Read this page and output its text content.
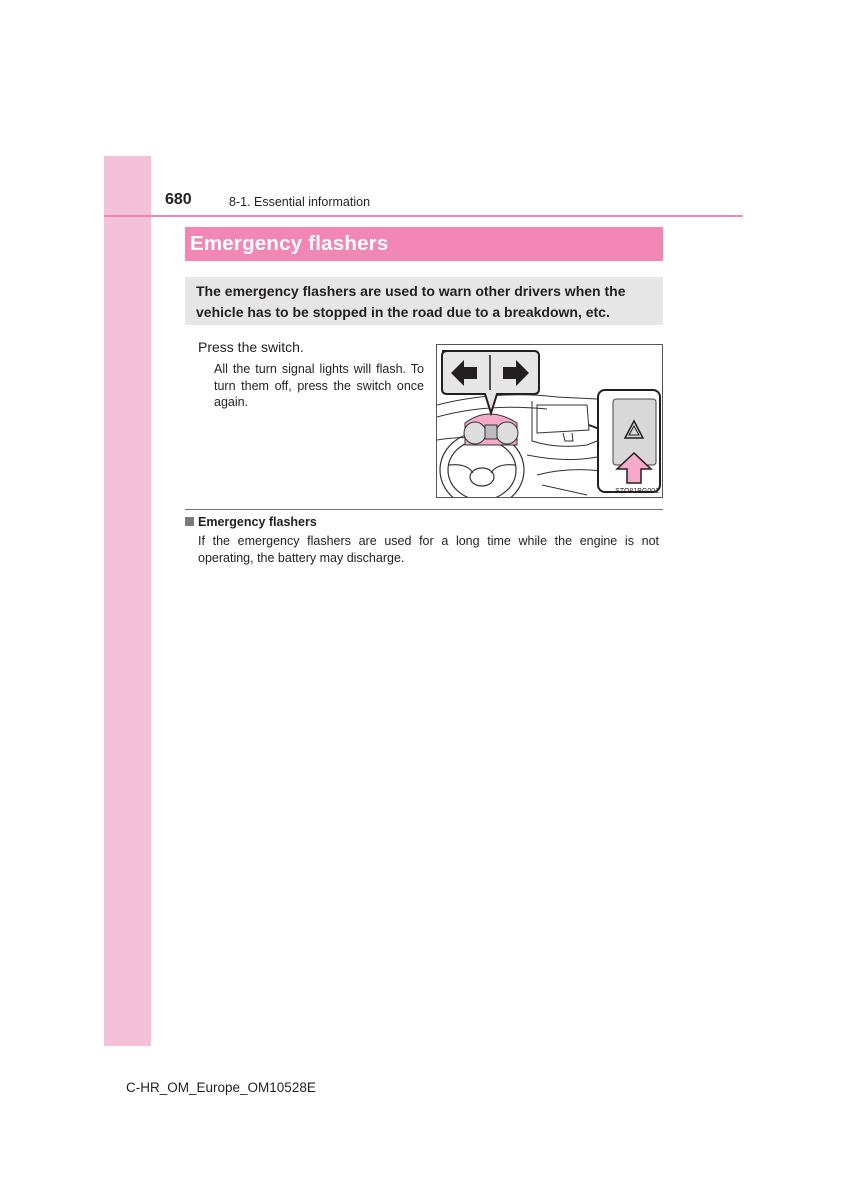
680	8-1. Essential information
Emergency flashers
The emergency flashers are used to warn other drivers when the vehicle has to be stopped in the road due to a breakdown, etc.
Press the switch.
All the turn signal lights will flash. To turn them off, press the switch once again.
STO81BG001
Emergency flashers
If the emergency flashers are used for a long time while the engine is not operating, the battery may discharge.
C-HR_OM_Europe_OM10528E
